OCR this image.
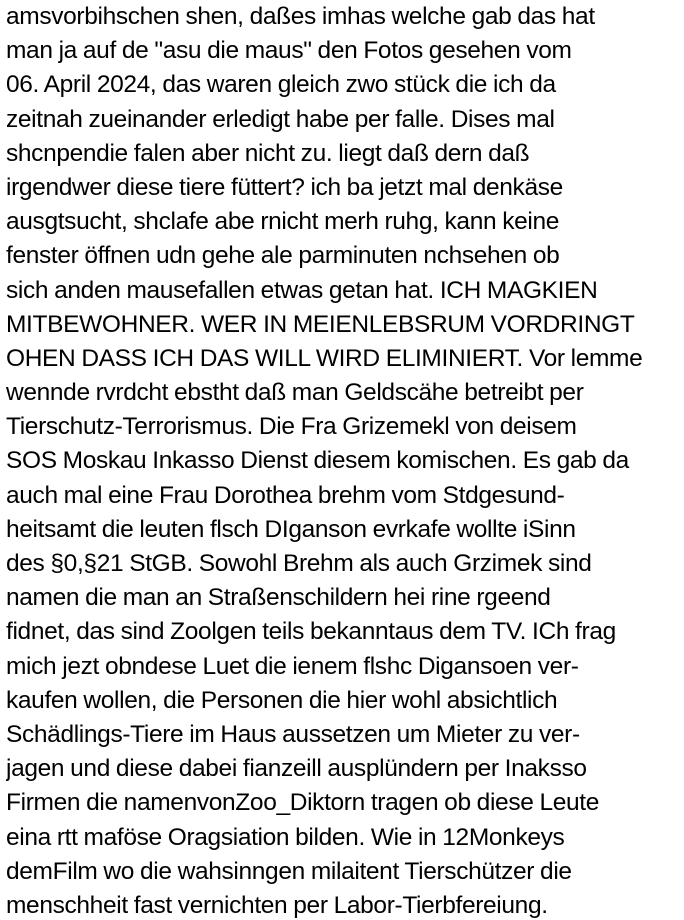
amsvorbihschen shen, daßes imhas welche gab das hat
man ja auf de "asu die maus" den Fotos gesehen vom
06. April 2024, das waren gleich zwo stück die ich da
zeitnah zueinander erledigt habe per falle. Dises mal
shcnpendie falen aber nicht zu. liegt daß dern daß
irgendwer diese tiere füttert? ich ba jetzt mal denkäse
ausgtsucht, shclafe abe rnicht merh ruhg, kann keine
fenster öffnen udn gehe ale parminuten nchsehen ob
sich anden mausefallen etwas getan hat. ICH MAGKIEN
MITBEWOHNER. WER IN MEIENLEBSRUM VORDRINGT
OHEN DASS ICH DAS WILL WIRD ELIMINIERT. Vor lemme
wennde rvrdcht ebstht daß man Geldscähe betreibt per
Tierschutz-Terrorismus. Die Fra Grizemekl von deisem
SOS Moskau Inkasso Dienst diesem komischen. Es gab da
auch mal eine Frau Dorothea brehm vom Stdgesund-
heitsamt die leuten flsch DIganson evrkafe wollte iSinn
des §0,§21 StGB. Sowohl Brehm als auch Grzimek sind
namen die man an Straßenschildern hei rine rgeend
fidnet, das sind Zoolgen teils bekanntaus dem TV. ICh frag
mich jezt obndese Luet die ienem flshc Digansoen ver-
kaufen wollen, die Personen die hier wohl absichtlich
Schädlings-Tiere im Haus aussetzen um Mieter zu ver-
jagen und diese dabei fianzeill ausplündern per Inaksso
Firmen die namenvonZoo_Diktorn tragen ob diese Leute
eina rtt maföse Oragsiation bilden. Wie in 12Monkeys
demFilm wo die wahsinngen milaitent Tierschützer die
menschheit fast vernichten per Labor-Tierbfereiung.
